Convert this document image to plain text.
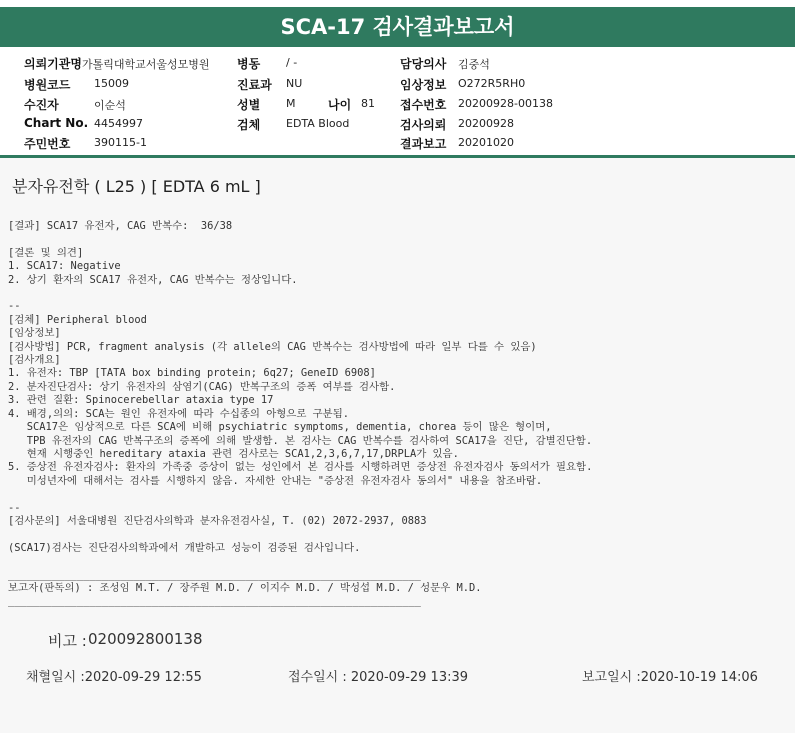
SCA-17 검사결과보고서
의뢰기관명 가톨릭대학교서울성모병원 병동 / -	담당의사 김중석
병원코드 15009	진료과 NU	임상정보 O272R5RH0
수진자	이순석	성별 M	나이 81 접수번호 20200928-00138
Chart No. 4454997	검체 EDTA Blood	검사의뢰 20200928
주민번호 390115-1	결과보고 20201020
분자유전학 ( L25 ) [ EDTA 6 mL ]
[결과] SCA17 유전자, CAG 반복수:  36/38

[결론 및 의견]
1. SCA17: Negative
2. 상기 환자의 SCA17 유전자, CAG 반복수는 정상입니다.

--
[검체] Peripheral blood
[임상정보]
[검사방법] PCR, fragment analysis (각 allele의 CAG 반복수는 검사방법에 따라 일부 다를 수 있음)
[검사개요]
1. 유전자: TBP [TATA box binding protein; 6q27; GeneID 6908]
2. 분자진단검사: 상기 유전자의 삼염기(CAG) 반복구조의 증폭 여부를 검사함.
3. 관련 질환: Spinocerebellar ataxia type 17
4. 배경,의의: SCA는 원인 유전자에 따라 수십종의 아형으로 구분됨.
SCA17은 임상적으로 다른 SCA에 비해 psychiatric symptoms, dementia, chorea 등이 많은 형이며,
TPB 유전자의 CAG 반복구조의 증폭에 의해 발생함. 본 검사는 CAG 반복수를 검사하여 SCA17을 진단, 감별진단함.
현재 시행중인 hereditary ataxia 관련 검사로는 SCA1,2,3,6,7,17,DRPLA가 있음.
5. 증상전 유전자검사: 환자의 가족중 증상이 없는 성인에서 본 검사를 시행하려면 증상전 유전자검사 동의서가 필요함.
미성년자에 대해서는 검사를 시행하지 않음. 자세한 안내는 "증상전 유전자검사 동의서" 내용을 참조바람.

--
[검사문의] 서울대병원 진단검사의학과 분자유전검사실, T. (02) 2072-2937, 0883

(SCA17)검사는 진단검사의학과에서 개발하고 성능이 검증된 검사입니다.

__________________________________________________________________
보고자(판독의) : 조성임 M.T. / 장주원 M.D. / 이지수 M.D. / 박성섭 M.D. / 성문우 M.D.
__________________________________________________________________
비고 : 020092800138
채혈일시 :2020-09-29 12:55	접수일시 : 2020-09-29 13:39	보고일시 :2020-10-19 14:06
